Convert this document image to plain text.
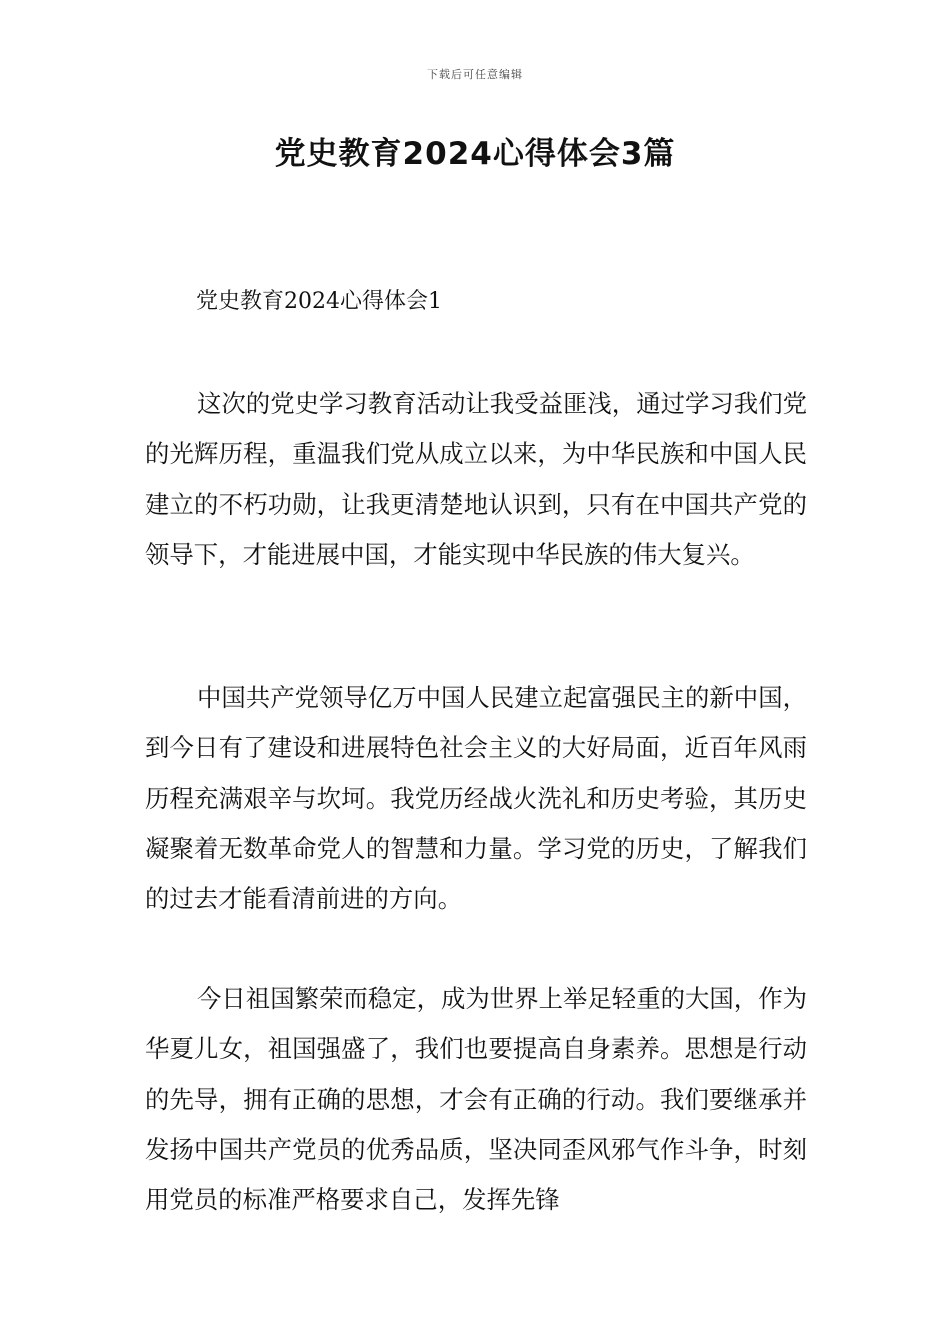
下载后可任意编辑
党史教育2024心得体会3篇
党史教育2024心得体会1

这次的党史学习教育活动让我受益匪浅，通过学习我们党的光辉历程，重温我们党从成立以来，为中华民族和中国人民建立的不朽功勋，让我更清楚地认识到，只有在中国共产党的领导下，才能进展中国，才能实现中华民族的伟大复兴。

中国共产党领导亿万中国人民建立起富强民主的新中国，到今日有了建设和进展特色社会主义的大好局面，近百年风雨历程充满艰辛与坎坷。我党历经战火洗礼和历史考验，其历史凝聚着无数革命党人的智慧和力量。学习党的历史，了解我们的过去才能看清前进的方向。

今日祖国繁荣而稳定，成为世界上举足轻重的大国，作为华夏儿女，祖国强盛了，我们也要提高自身素养。思想是行动的先导，拥有正确的思想，才会有正确的行动。我们要继承并发扬中国共产党员的优秀品质，坚决同歪风邪气作斗争，时刻用党员的标准严格要求自己，发挥先锋
